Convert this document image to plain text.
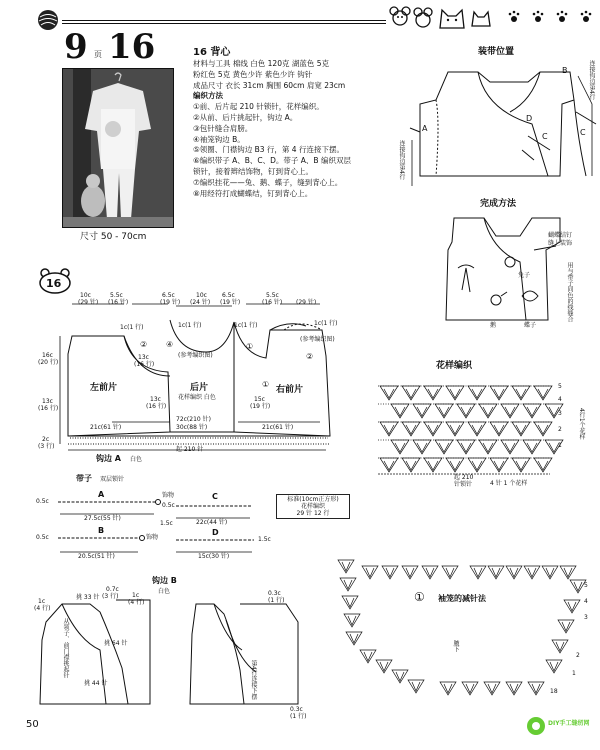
9 页 16
尺寸 50 - 70cm
16 背心
材料与工具 棉线 白色 120克 湖蓝色 5克
粉红色 5克 黄色少许 紫色少许 钩针
成品尺寸 衣长 31cm 胸围 60cm 肩宽 23cm
编织方法
①前、后片起 210 针锁针，花样编织。
②从前、后片挑起针，钩边 A。
③包针缝合肩膀。
④袖笼钩边 B。
⑤领圈、门襟钩边 B3 行，第 4 行连接下摆。
⑥编织带子 A、B、C、D。带子 A、B 编织双层
锁针，接着辫结饰物，钉到背心上。
⑦编织挂花——兔、鹅、蝶子，缝到背心上。
⑧用经符打成蝴蝶结，钉到背心上。
装带位置
A
B
C
D
C
连接钩边第4行
连接钩边第4行
完成方法
蝴蝶结钉
缝上装饰
兔子	用与带子同色的线缝合
鹅	蝶子
花样编织
5
4
3
2
1
4行1个花样
起 210
针锁针	4 针 1 个花样
16
10c
(29 针)
5.5c
(16 针)
6.5c
(19 针)
10c
(24 针)
6.5c
(19 针)
5.5c
(16 针) (29 针)
16c
(20 行)
13c
(16 行)
2c
(3 行)
左前片	后片
花样编织 白色
右前片
(参考编织图)
(参考编织图)
② ④
①
②
①
1c(1 行)	1c(1 行)	1c(1 行)
13c
(16 行)
13c
(16 行)
15c
(19 行)
1c(1 行)
21c(61 针)
72c(210 针)
30c(88 针)	21c(61 针)
起 210 针
钩边 A 白色
带子 双层锁针
A
B
C
D
27.5c(55 针)
20.5c(51 针)
22c(44 针)
15c(30 针)
0.5c
饰物
0.5c
1.5c
0.5c	饰物	1.5c
标准(10cm正方形)
花样编织
29 针 12 行
钩边 B
白色
1c
(4 行)
1c
(4 行)
0.7c
(3 行)	0.3c
(1 行)
0.3c
(1 行)
挑 33 针
挑 64 针
挑 44 针
从领子、前门襟挑起针
第4行连接下摆
① 袖笼的减针法
5
4
3
2
1
18
腋下
50	DIY手工缝纫网
